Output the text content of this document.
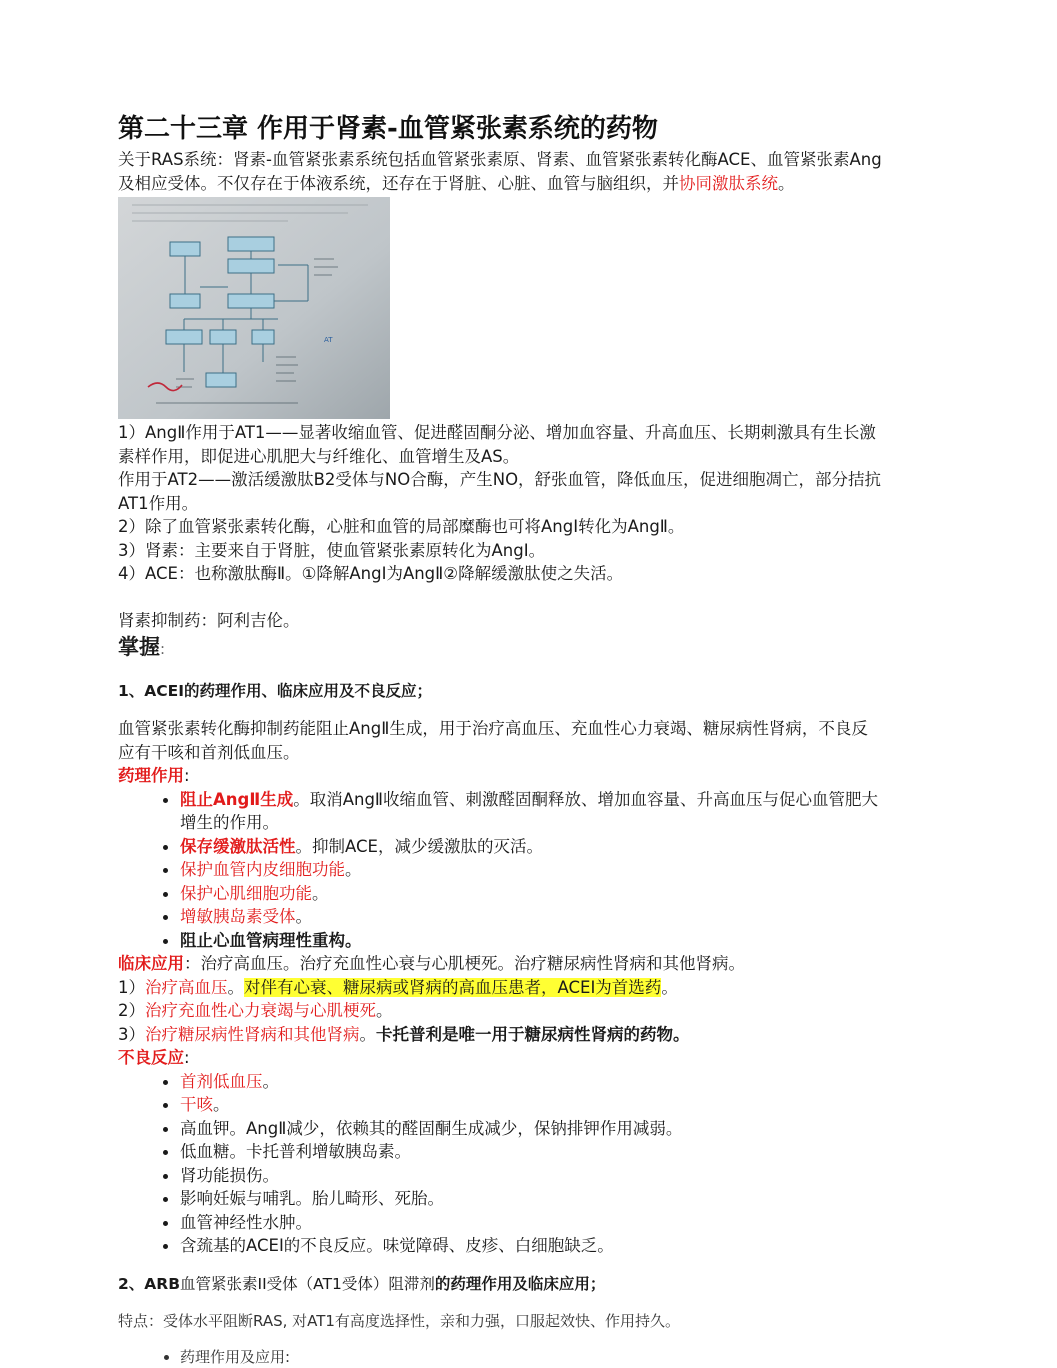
第二十三章 作用于肾素-血管紧张素系统的药物

关于RAS系统：肾素-血管紧张素系统包括血管紧张素原、肾素、血管紧张素转化酶ACE、血管紧张素Ang

及相应受体。不仅存在于体液系统，还存在于肾脏、心脏、血管与脑组织，并协同激肽系统。

AT

1）AngⅡ作用于AT1——显著收缩血管、促进醛固酮分泌、增加血容量、升高血压、长期刺激具有生长激

素样作用，即促进心肌肥大与纤维化、血管增生及AS。

作用于AT2——激活缓激肽B2受体与NO合酶，产生NO，舒张血管，降低血压，促进细胞凋亡，部分拮抗

AT1作用。

2）除了血管紧张素转化酶，心脏和血管的局部糜酶也可将AngⅠ转化为AngⅡ。

3）肾素：主要来自于肾脏，使血管紧张素原转化为AngⅠ。

4）ACE：也称激肽酶Ⅱ。①降解AngⅠ为AngⅡ②降解缓激肽使之失活。

肾素抑制药：阿利吉伦。

掌握:

1、ACEI的药理作用、临床应用及不良反应；

血管紧张素转化酶抑制药能阻止AngⅡ生成，用于治疗高血压、充血性心力衰竭、糖尿病性肾病，不良反

应有干咳和首剂低血压。

药理作用:

• 阻止AngⅡ生成。取消AngⅡ收缩血管、刺激醛固酮释放、增加血容量、升高血压与促心血管肥大
增生的作用。
• 保存缓激肽活性。抑制ACE，减少缓激肽的灭活。
• 保护血管内皮细胞功能。
• 保护心肌细胞功能。
• 增敏胰岛素受体。
• 阻止心血管病理性重构。

临床应用：治疗高血压。治疗充血性心衰与心肌梗死。治疗糖尿病性肾病和其他肾病。

1）治疗高血压。对伴有心衰、糖尿病或肾病的高血压患者，ACEI为首选药。

2）治疗充血性心力衰竭与心肌梗死。

3）治疗糖尿病性肾病和其他肾病。卡托普利是唯一用于糖尿病性肾病的药物。

不良反应:

• 首剂低血压。
• 干咳。
• 高血钾。AngⅡ减少，依赖其的醛固酮生成减少，保钠排钾作用减弱。
• 低血糖。卡托普利增敏胰岛素。
• 肾功能损伤。
• 影响妊娠与哺乳。胎儿畸形、死胎。
• 血管神经性水肿。
• 含巯基的ACEI的不良反应。味觉障碍、皮疹、白细胞缺乏。

2、ARB血管紧张素II受体（AT1受体）阻滞剂的药理作用及临床应用；

特点：受体水平阻断RAS, 对AT1有高度选择性，亲和力强，口服起效快、作用持久。

• 药理作用及应用:
